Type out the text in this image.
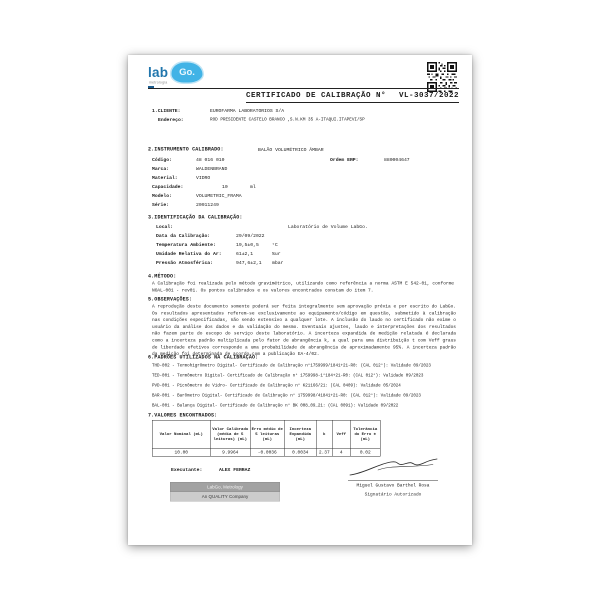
lab Go.
metrologia
CERTIFICADO DE CALIBRAÇÃO N° VL-3037/2022
1.CLIENTE:	EUROFARMA LABORATORIOS S/A
Endereço:	ROD PRESIDENTE CASTELO BRANCO ,S.N.KM 35 A-ITAQUI.ITAPEVI/SP
2.INSTRUMENTO CALIBRADO:	BALÃO VOLUMÉTRICO ÂMBAR
Código:	48 016 010	Ordem ERP:	880004647
Marca:	WALDENBRAND
Material: VIDRO
Capacidade:	10 ml
Modelo:	VOLUMETRIC_FRAMA
Série:	20911249
3.IDENTIFICAÇÃO DA CALIBRAÇÃO:
Local:	Laboratório de Volume LabGo.
Data da Calibração:	29/09/2022
Temperatura Ambiente: 19,5±0,5 °C
Umidade Relativa do Ar: 61±2,1 %ur
Pressão Atmosférica: 947,6±2,1 mbar
4.MÉTODO:
A Calibração foi realizada pelo método gravimétrico, utilizando como referência a norma ASTM E 542-01, conforme NOAL-001 - rev01. Os pontos calibrados e os valores encontrados constam do item 7.
5.OBSERVAÇÕES:
A reprodução deste documento somente poderá ser feita integralmente sem aprovação prévia e por escrito do LabGo. Os resultados apresentados referem-se exclusivamente ao equipamento/código em questão, submetido à calibração nas condições especificadas, não sendo extensivo a qualquer lote. A inclusão do laudo no certificado não exime o usuário da análise dos dados e da validação do mesmo. Eventuais ajustes, laudo e interpretações dos resultados não fazem parte do escopo do serviço deste laboratório. A incerteza expandida de medição relatada é declarada como a incerteza padrão multiplicada pelo fator de abrangência k, a qual para uma distribuição t com Veff graus de liberdade efetivos corresponde a uma probabilidade de abrangência de aproximadamente 95%. A incerteza padrão da medição foi determinada de acordo com a publicação EA-4/02.
6.PADRÕES UTILIZADOS NA CALIBRAÇÃO:
THD-002 - Termohigrômetro Digital- Certificado de Calibração n°1759999/1841+21-R0: (CAL 012°): Validade 09/2023
TED-001 - Termômetro Digital- Certificado de Calibração n° 1759998-1°184+21-R0: (CAL 012°): Validade 09/2023
PVD-001 - Picnômetro de Vidro- Certificado de Calibração n° K21166/21: (CAL 0409): Validade 05/2024
BAR-001 - Barômetro Digital- Certificado de Calibração n° 1759998/41841+21-R0: (CAL 012°): Validade 09/2023
BAL-001 - Balança Digital- Certificado de Calibração n° BK 008_09_21: (CAL 0091): Validade 09/2022
7.VALORES ENCONTRADOS:
Valor Nominal (mL)	Valor Calibrado (média de 5 leituras) (mL)	Erro médio de 5 leituras (mL)	Incerteza Expandida (mL)	k	Veff	Tolerância do Erro ± (mL)
10.00	9.9964	-0.0036	0.0034	2.37	4	0.02
Executante: ALEX FERRAZ
LabGo, Metrology
An QUALITY Company
Miguel Gustavo Barthel Rosa
Signatário Autorizado
